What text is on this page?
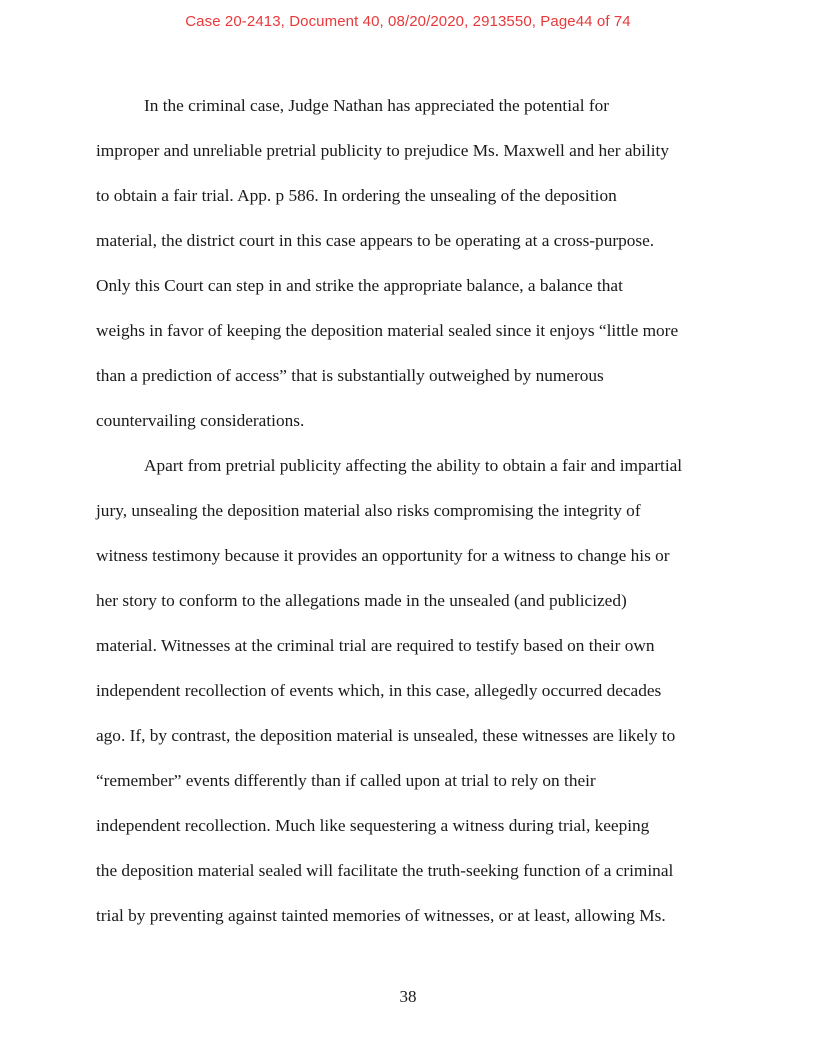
Case 20-2413, Document 40, 08/20/2020, 2913550, Page44 of 74
In the criminal case, Judge Nathan has appreciated the potential for
improper and unreliable pretrial publicity to prejudice Ms. Maxwell and her ability
to obtain a fair trial. App. p 586. In ordering the unsealing of the deposition
material, the district court in this case appears to be operating at a cross-purpose.
Only this Court can step in and strike the appropriate balance, a balance that
weighs in favor of keeping the deposition material sealed since it enjoys “little more
than a prediction of access” that is substantially outweighed by numerous
countervailing considerations.
Apart from pretrial publicity affecting the ability to obtain a fair and impartial
jury, unsealing the deposition material also risks compromising the integrity of
witness testimony because it provides an opportunity for a witness to change his or
her story to conform to the allegations made in the unsealed (and publicized)
material. Witnesses at the criminal trial are required to testify based on their own
independent recollection of events which, in this case, allegedly occurred decades
ago. If, by contrast, the deposition material is unsealed, these witnesses are likely to
“remember” events differently than if called upon at trial to rely on their
independent recollection. Much like sequestering a witness during trial, keeping
the deposition material sealed will facilitate the truth-seeking function of a criminal
trial by preventing against tainted memories of witnesses, or at least, allowing Ms.
38
